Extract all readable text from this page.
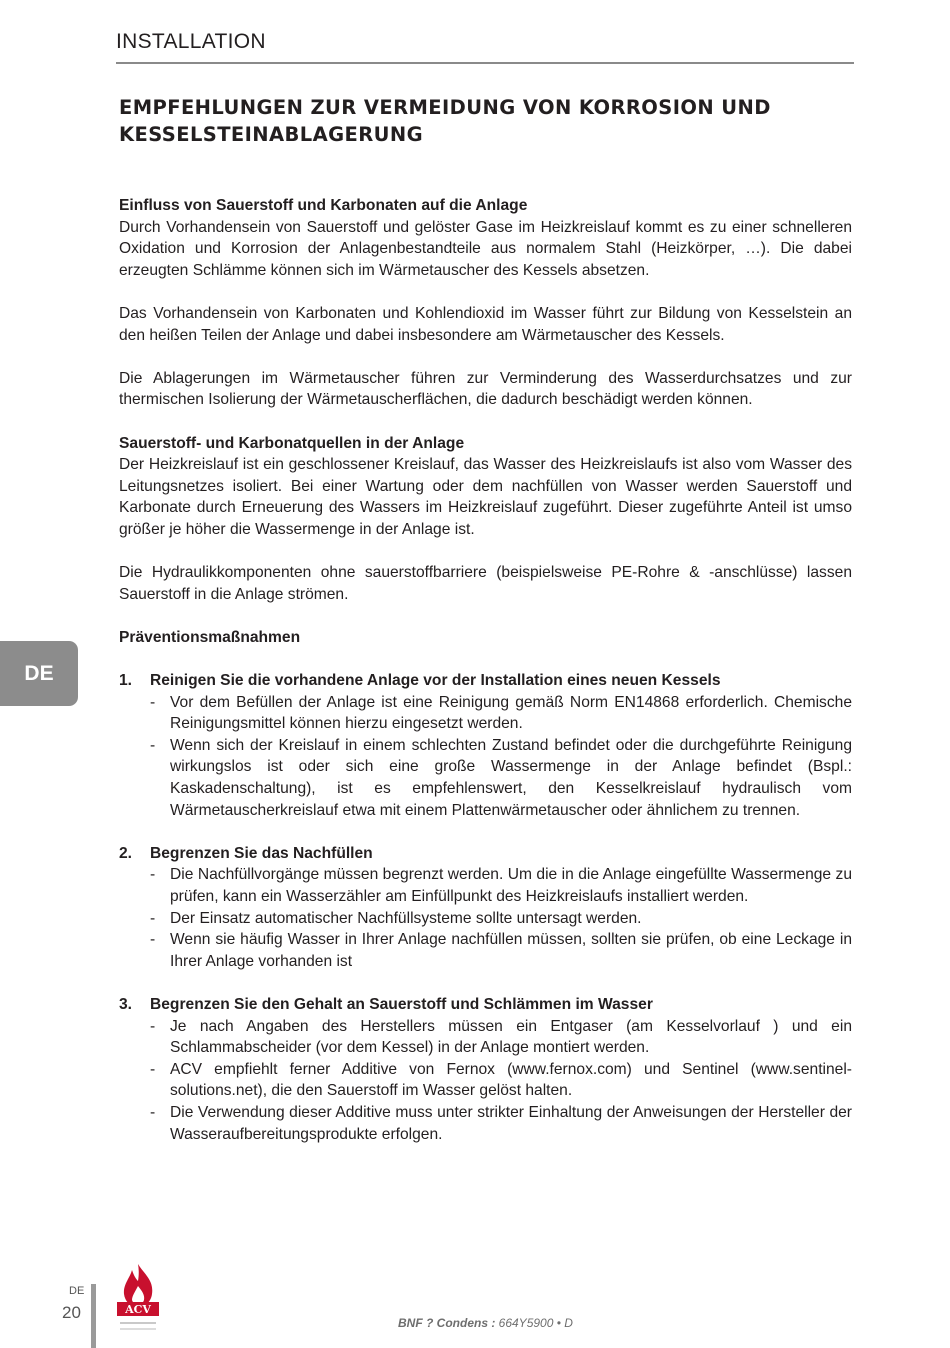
INSTALLATION
EMPFEHLUNGEN ZUR VERMEIDUNG VON KORROSION UND KESSELSTEINABLAGERUNG

Einfluss von Sauerstoff und Karbonaten auf die Anlage

Durch Vorhandensein von Sauerstoff und gelöster Gase im Heizkreislauf kommt es zu einer schnelleren Oxidation und Korrosion der Anlagenbestandteile aus normalem Stahl (Heizkörper, …). Die dabei erzeugten Schlämme können sich im Wärmetauscher des Kessels absetzen.

Das Vorhandensein von Karbonaten und Kohlendioxid im Wasser führt zur Bildung von Kesselstein an den heißen Teilen der Anlage und dabei insbesondere am Wärmetauscher des Kessels.

Die Ablagerungen im Wärmetauscher führen zur Verminderung des Wasserdurchsatzes und zur thermischen Isolierung der Wärmetauscherflächen, die dadurch beschädigt werden können.

Sauerstoff- und Karbonatquellen in der Anlage

Der Heizkreislauf ist ein geschlossener Kreislauf, das Wasser des Heizkreislaufs ist also vom Wasser des Leitungsnetzes isoliert. Bei einer Wartung oder dem nachfüllen von Wasser werden Sauerstoff und Karbonate durch Erneuerung des Wassers im Heizkreislauf zugeführt. Dieser zugeführte Anteil ist umso größer je höher die Wassermenge in der Anlage ist.

Die Hydraulikkomponenten ohne sauerstoffbarriere (beispielsweise PE-Rohre & -anschlüsse) lassen Sauerstoff in die Anlage strömen.

Präventionsmaßnahmen

1. Reinigen Sie die vorhandene Anlage vor der Installation eines neuen Kessels
- Vor dem Befüllen der Anlage ist eine Reinigung gemäß Norm EN14868 erforderlich. Chemische Reinigungsmittel können hierzu eingesetzt werden.
- Wenn sich der Kreislauf in einem schlechten Zustand befindet oder die durchgeführte Reinigung wirkungslos ist oder sich eine große Wassermenge in der Anlage befindet (Bspl.: Kaskadenschaltung), ist es empfehlenswert, den Kesselkreislauf hydraulisch vom Wärmetauscherkreislauf etwa mit einem Plattenwärmetauscher oder ähnlichem zu trennen.
2. Begrenzen Sie das Nachfüllen
- Die Nachfüllvorgänge müssen begrenzt werden. Um die in die Anlage eingefüllte Wassermenge zu prüfen, kann ein Wasserzähler am Einfüllpunkt des Heizkreislaufs installiert werden.
- Der Einsatz automatischer Nachfüllsysteme sollte untersagt werden.
- Wenn sie häufig Wasser in Ihrer Anlage nachfüllen müssen, sollten sie prüfen, ob eine Leckage in Ihrer Anlage vorhanden ist
3. Begrenzen Sie den Gehalt an Sauerstoff und Schlämmen im Wasser
- Je nach Angaben des Herstellers müssen ein Entgaser (am Kesselvorlauf ) und ein Schlammabscheider (vor dem Kessel) in der Anlage montiert werden.
- ACV empfiehlt ferner Additive von Fernox (www.fernox.com) und Sentinel (www.sentinel-solutions.net), die den Sauerstoff im Wasser gelöst halten.
- Die Verwendung dieser Additive muss unter strikter Einhaltung der Anweisungen der Hersteller der Wasseraufbereitungsprodukte erfolgen.
DE
DE
20	ACV
BNF ? Condens : 664Y5900 • D
